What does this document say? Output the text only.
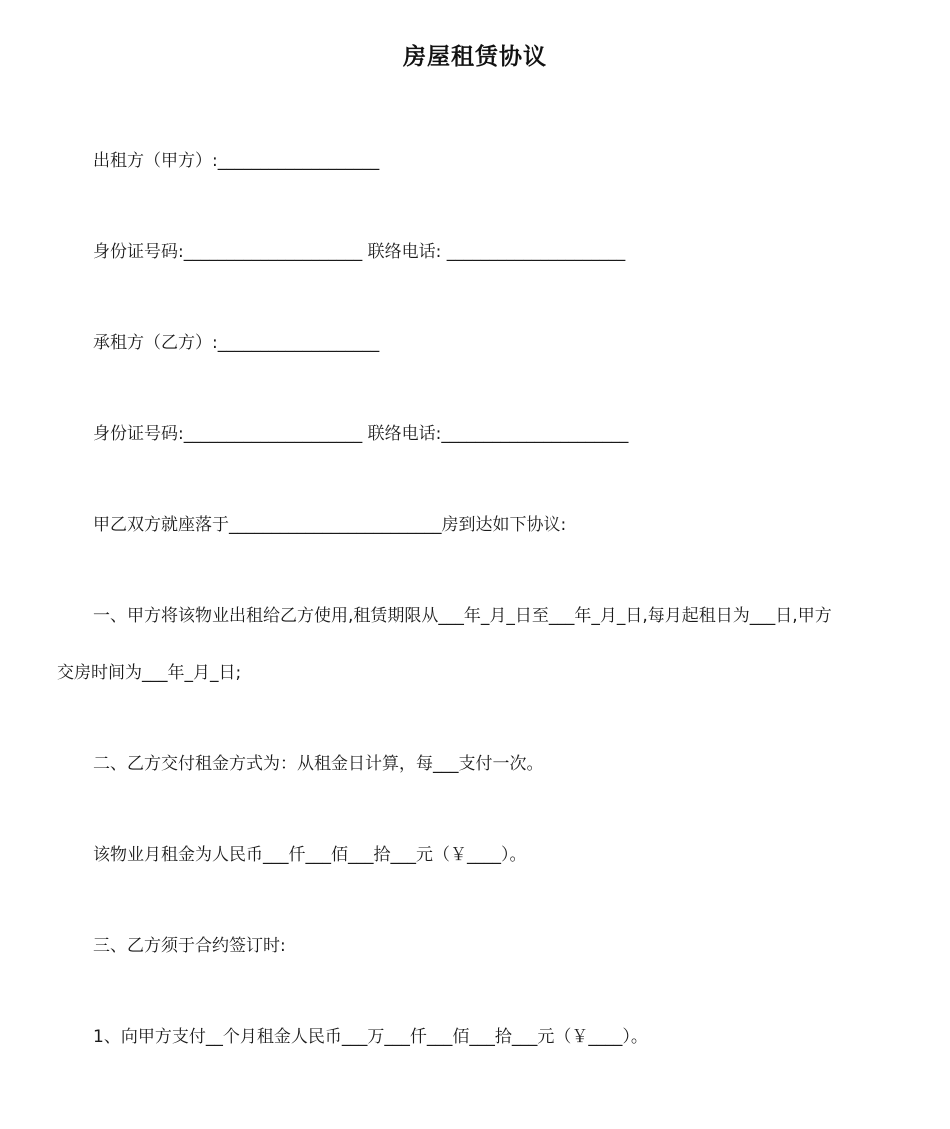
房屋租赁协议
出租方（甲方）:___________________
身份证号码:_____________________ 联络电话: _____________________
承租方（乙方）:___________________
身份证号码:_____________________ 联络电话:______________________
甲乙双方就座落于_________________________房到达如下协议:
一、甲方将该物业出租给乙方使用,租赁期限从___年_月_日至___年_月_日,每月起租日为___日,甲方
交房时间为___年_月_日;
二、乙方交付租金方式为：从租金日计算，每___支付一次。
该物业月租金为人民币___仟___佰___拾___元（￥____）。
三、乙方须于合约签订时:
1、向甲方支付__个月租金人民币___万___仟___佰___拾___元（￥____）。
